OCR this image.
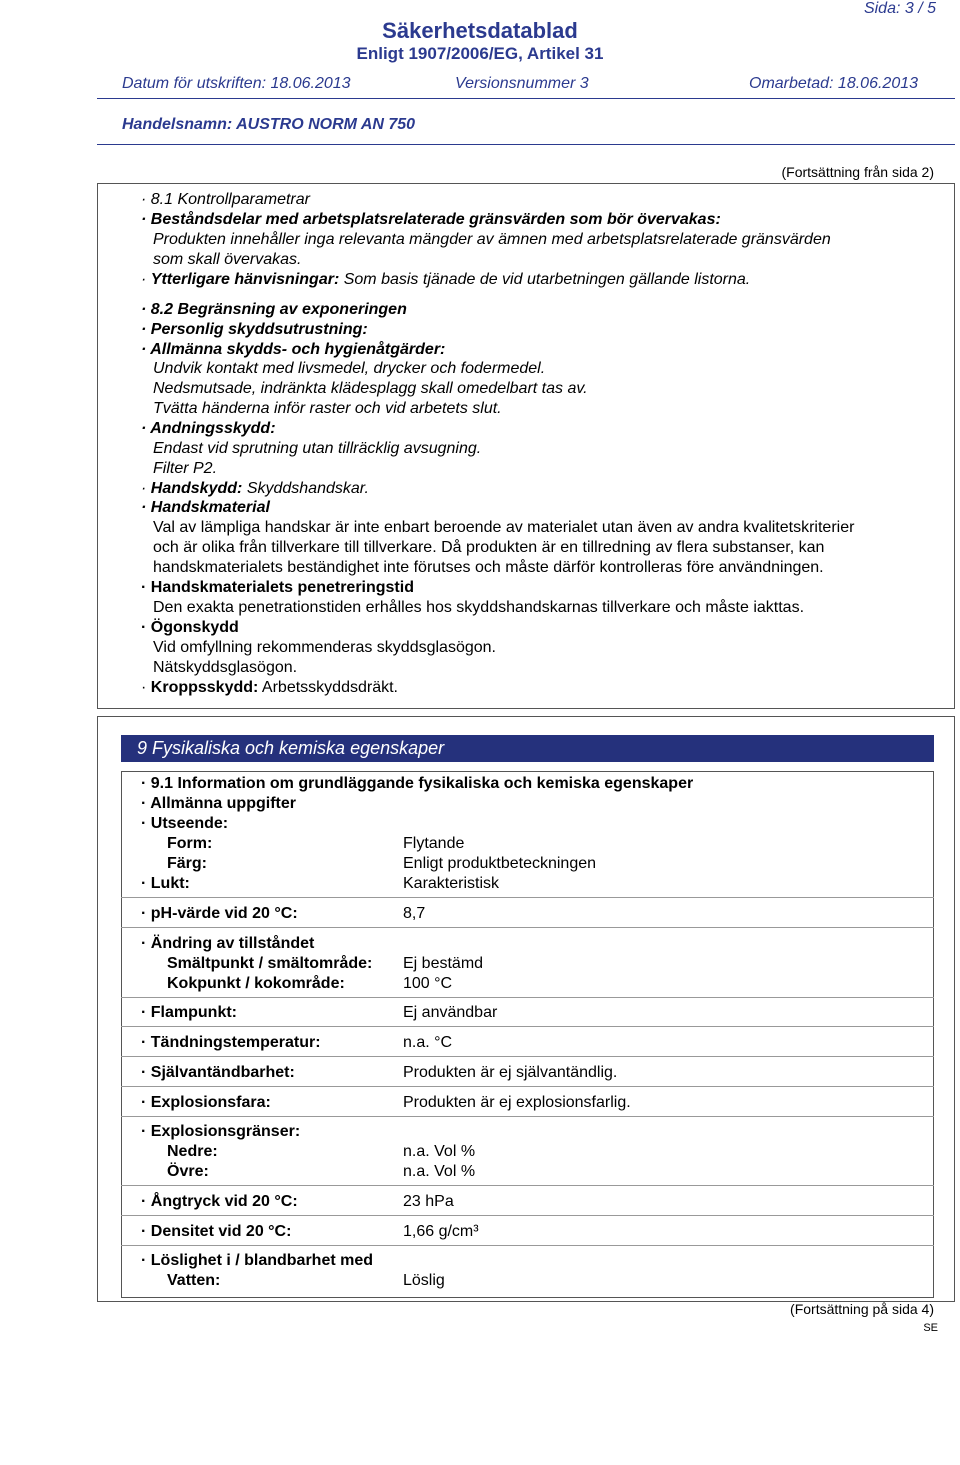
Sida: 3 / 5
Säkerhetsdatablad
Enligt 1907/2006/EG, Artikel 31
Datum för utskriften: 18.06.2013	Versionsnummer 3	Omarbetad: 18.06.2013
Handelsnamn: AUSTRO NORM AN 750
(Fortsättning från sida 2)
· 8.1 Kontrollparametrar
· Beståndsdelar med arbetsplatsrelaterade gränsvärden som bör övervakas:
Produkten innehåller inga relevanta mängder av ämnen med arbetsplatsrelaterade gränsvärden
som skall övervakas.
· Ytterligare hänvisningar: Som basis tjänade de vid utarbetningen gällande listorna.
· 8.2 Begränsning av exponeringen
· Personlig skyddsutrustning:
· Allmänna skydds- och hygienåtgärder:
Undvik kontakt med livsmedel, drycker och fodermedel.
Nedsmutsade, indränkta klädesplagg skall omedelbart tas av.
Tvätta händerna inför raster och vid arbetets slut.
· Andningsskydd:
Endast vid sprutning utan tillräcklig avsugning.
Filter P2.
· Handskydd: Skyddshandskar.
· Handskmaterial
Val av lämpliga handskar är inte enbart beroende av materialet utan även av andra kvalitetskriterier
och är olika från tillverkare till tillverkare. Då produkten är en tillredning av flera substanser, kan
handskmaterialets beständighet inte förutses och måste därför kontrolleras före användningen.
· Handskmaterialets penetreringstid
Den exakta penetrationstiden erhålles hos skyddshandskarnas tillverkare och måste iakttas.
· Ögonskydd
Vid omfyllning rekommenderas skyddsglasögon.
Nätskyddsglasögon.
· Kroppsskydd: Arbetsskyddsdräkt.
9 Fysikaliska och kemiska egenskaper
· 9.1 Information om grundläggande fysikaliska och kemiska egenskaper
· Allmänna uppgifter
· Utseende:
Form:	Flytande
Färg:	Enligt produktbeteckningen
· Lukt:	Karakteristisk
· pH-värde vid 20 °C:	8,7
· Ändring av tillståndet
Smältpunkt / smältområde: Ej bestämd
Kokpunkt / kokområde:	100 °C
· Flampunkt:	Ej användbar
· Tändningstemperatur:	n.a. °C
· Självantändbarhet:	Produkten är ej självantändlig.
· Explosionsfara:	Produkten är ej explosionsfarlig.
· Explosionsgränser:
Nedre:	n.a. Vol %
Övre:	n.a. Vol %
· Ångtryck vid 20 °C:	23 hPa
· Densitet vid 20 °C:	1,66 g/cm³
· Löslighet i / blandbarhet med
Vatten:	Löslig
(Fortsättning på sida 4)
SE
